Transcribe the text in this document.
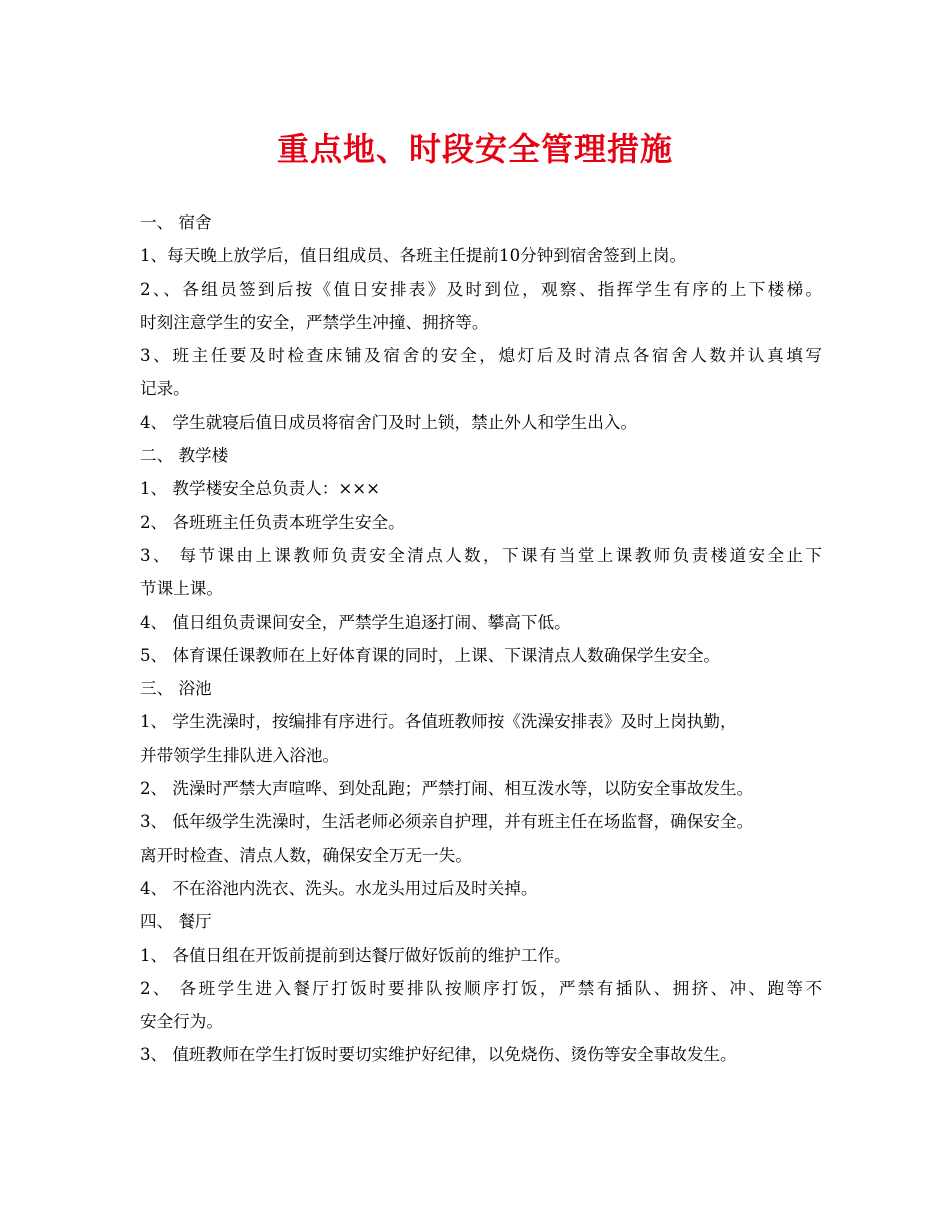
重点地、时段安全管理措施
一、 宿舍
1、每天晚上放学后，值日组成员、各班主任提前10分钟到宿舍签到上岗。
2、、各组员签到后按《值日安排表》及时到位，观察、指挥学生有序的上下楼梯。
时刻注意学生的安全，严禁学生冲撞、拥挤等。
3、班主任要及时检查床铺及宿舍的安全，熄灯后及时清点各宿舍人数并认真填写
记录。
4、 学生就寝后值日成员将宿舍门及时上锁，禁止外人和学生出入。
二、 教学楼
1、 教学楼安全总负责人：×××
2、 各班班主任负责本班学生安全。
3、 每节课由上课教师负责安全清点人数，下课有当堂上课教师负责楼道安全止下
节课上课。
4、 值日组负责课间安全，严禁学生追逐打闹、攀高下低。
5、 体育课任课教师在上好体育课的同时，上课、下课清点人数确保学生安全。
三、 浴池
1、 学生洗澡时，按编排有序进行。各值班教师按《洗澡安排表》及时上岗执勤，
并带领学生排队进入浴池。
2、 洗澡时严禁大声喧哗、到处乱跑；严禁打闹、相互泼水等，以防安全事故发生。
3、 低年级学生洗澡时，生活老师必须亲自护理，并有班主任在场监督，确保安全。
离开时检查、清点人数，确保安全万无一失。
4、 不在浴池内洗衣、洗头。水龙头用过后及时关掉。
四、 餐厅
1、 各值日组在开饭前提前到达餐厅做好饭前的维护工作。
2、 各班学生进入餐厅打饭时要排队按顺序打饭，严禁有插队、拥挤、冲、跑等不
安全行为。
3、 值班教师在学生打饭时要切实维护好纪律，以免烧伤、烫伤等安全事故发生。
